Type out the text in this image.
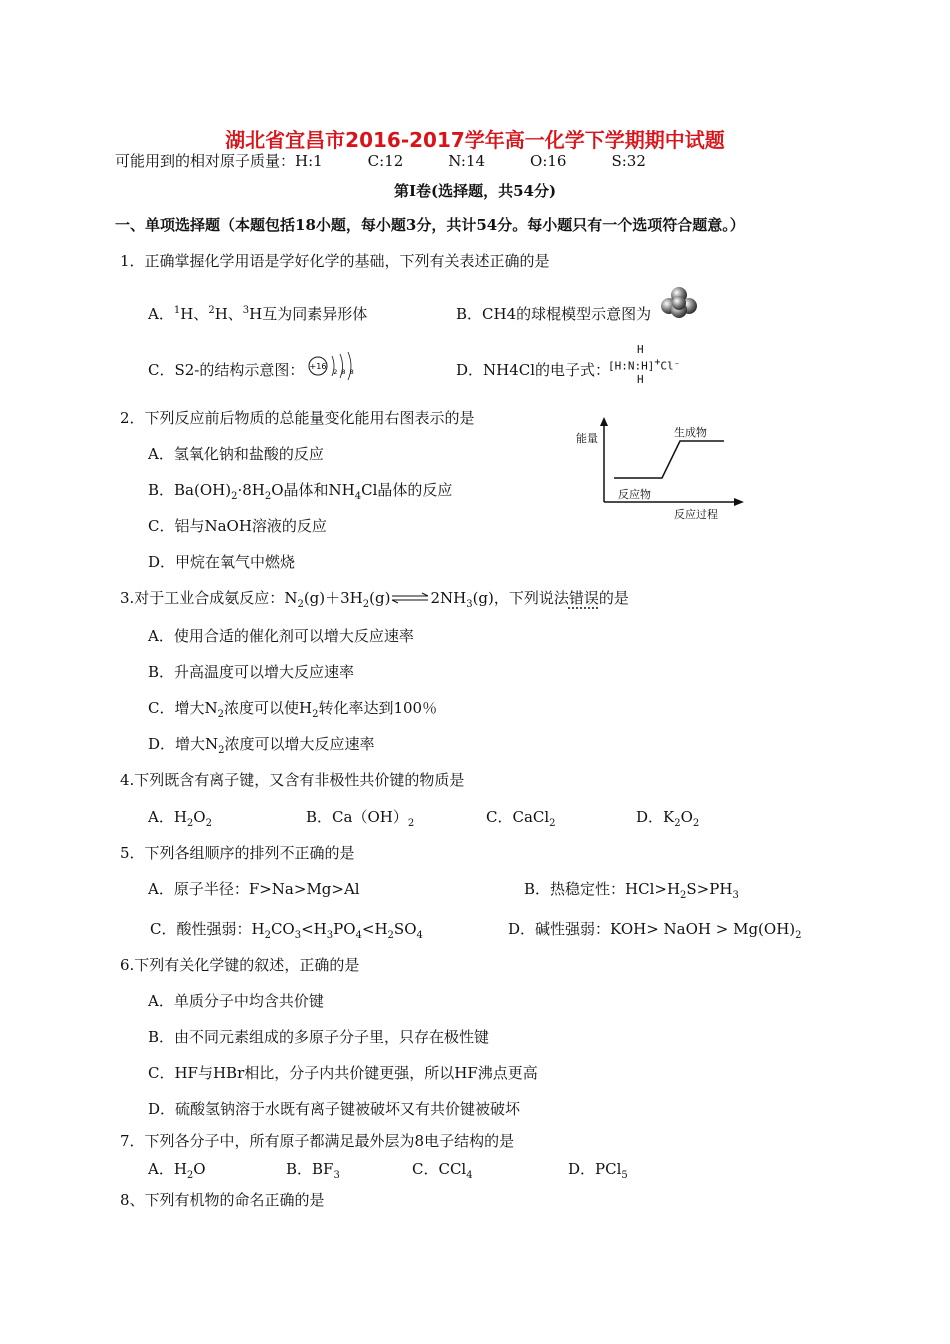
湖北省宜昌市2016-2017学年高一化学下学期期中试题
可能用到的相对原子质量：H:1　　　C:12　　　N:14　　　O:16　　　S:32
第Ⅰ卷(选择题，共54分)
一、单项选择题（本题包括18小题，每小题3分，共计54分。每小题只有一个选项符合题意。）
1．正确掌握化学用语是学好化学的基础，下列有关表述正确的是
A．$^1$H、$^2$H、$^3$H互为同素异形体	B．CH4的球棍模型示意图为
C．S2-的结构示意图： +16
2 8 8	D．NH4Cl的电子式：
H
[H:N:H]+Cl⁻
H
2．下列反应前后物质的总能量变化能用右图表示的是
A．氢氧化钠和盐酸的反应
B．$Ba(OH)_2\cdot 8H_2O$晶体和$NH_4Cl$晶体的反应
C．铝与NaOH溶液的反应
D．甲烷在氧气中燃烧
能量	生成物
反应物
反应过程
3.对于工业合成氨反应：$N_2(g)+3H_2(g)$	$2NH_3(g)$，下列说法错误的是
A．使用合适的催化剂可以增大反应速率
B．升高温度可以增大反应速率
C．增大$N_2$浓度可以使$H_2$转化率达到100％
D．增大$N_2$浓度可以增大反应速率
4.下列既含有离子键，又含有非极性共价键的物质是
A．$H_2O_2$	B．$Ca(OH)_2$	C．CaCl$_2$	D．$K_2O_2$
5．下列各组顺序的排列不正确的是
A．原子半径：F>Na>Mg>Al	B．热稳定性：$HCl>H_2S>PH_3$
C．酸性强弱：$H_2CO_3<H_3PO_4<H_2SO_4$	D．碱性强弱：KOH> NaOH > $Mg(OH)_2$
6.下列有关化学键的叙述，正确的是
A．单质分子中均含共价键
B．由不同元素组成的多原子分子里，只存在极性键
C．HF与HBr相比，分子内共价键更强，所以HF沸点更高
D．硫酸氢钠溶于水既有离子键被破坏又有共价键被破坏
7．下列各分子中，所有原子都满足最外层为8电子结构的是
A．$H_2O$	B．$BF_3$	C．CCl$_4$	D．PCl$_5$
8、下列有机物的命名正确的是
